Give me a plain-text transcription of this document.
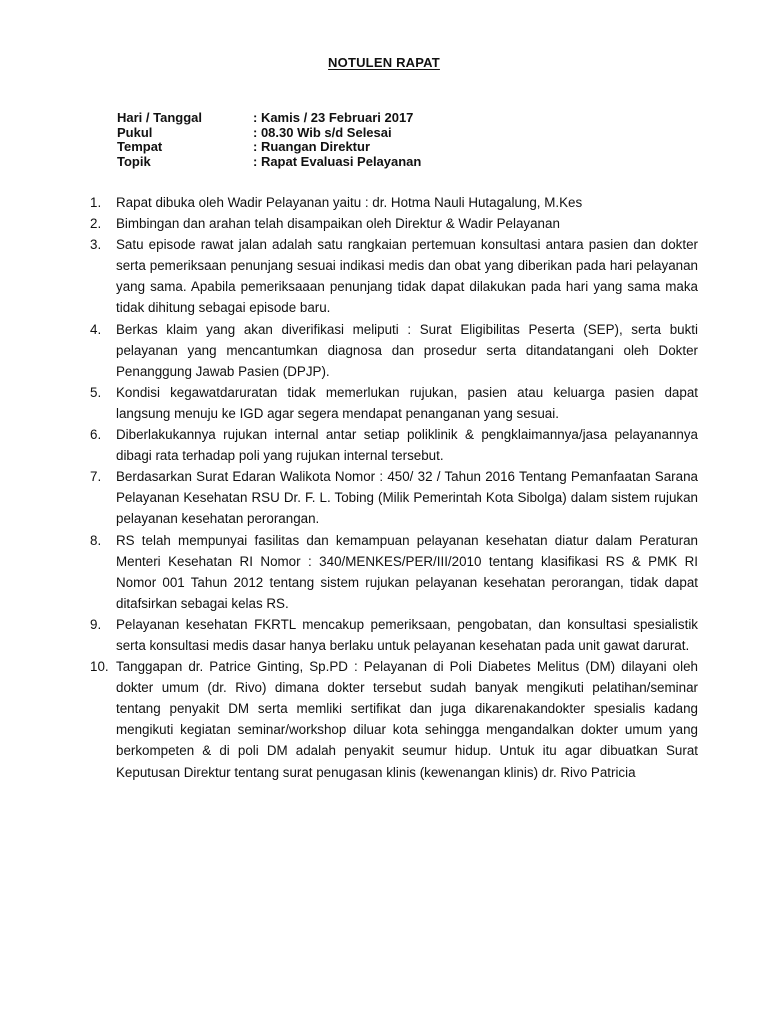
NOTULEN RAPAT
Hari / Tanggal	: Kamis / 23 Februari 2017
Pukul	: 08.30 Wib s/d Selesai
Tempat	: Ruangan Direktur
Topik	: Rapat Evaluasi Pelayanan
1.	Rapat dibuka oleh Wadir Pelayanan yaitu : dr. Hotma Nauli Hutagalung, M.Kes
2.	Bimbingan dan arahan telah disampaikan oleh Direktur & Wadir Pelayanan
3.	Satu episode rawat jalan adalah satu rangkaian pertemuan konsultasi antara pasien dan dokter serta pemeriksaan penunjang sesuai indikasi medis dan obat yang diberikan pada hari pelayanan yang sama. Apabila pemeriksaaan penunjang tidak dapat dilakukan pada hari yang sama maka tidak dihitung sebagai episode baru.
4.	Berkas klaim yang akan diverifikasi meliputi : Surat Eligibilitas Peserta (SEP), serta bukti pelayanan yang mencantumkan diagnosa dan prosedur serta ditandatangani oleh Dokter Penanggung Jawab Pasien (DPJP).
5.	Kondisi kegawatdaruratan tidak memerlukan rujukan, pasien atau keluarga pasien dapat langsung menuju ke IGD agar segera mendapat penanganan yang sesuai.
6.	Diberlakukannya rujukan internal antar setiap poliklinik & pengklaimannya/jasa pelayanannya dibagi rata terhadap poli yang rujukan internal tersebut.
7.	Berdasarkan Surat Edaran Walikota Nomor : 450/ 32 / Tahun 2016 Tentang Pemanfaatan Sarana Pelayanan Kesehatan RSU Dr. F. L. Tobing (Milik Pemerintah Kota Sibolga) dalam sistem rujukan pelayanan kesehatan perorangan.
8.	RS telah mempunyai fasilitas dan kemampuan pelayanan kesehatan diatur dalam Peraturan Menteri Kesehatan RI Nomor : 340/MENKES/PER/III/2010 tentang klasifikasi RS & PMK RI Nomor 001 Tahun 2012 tentang sistem rujukan pelayanan kesehatan perorangan, tidak dapat ditafsirkan sebagai kelas RS.
9.	Pelayanan kesehatan FKRTL mencakup pemeriksaan, pengobatan, dan konsultasi spesialistik serta konsultasi medis dasar hanya berlaku untuk pelayanan kesehatan pada unit gawat darurat.
10. Tanggapan dr. Patrice Ginting, Sp.PD : Pelayanan di Poli Diabetes Melitus (DM) dilayani oleh dokter umum (dr. Rivo) dimana dokter tersebut sudah banyak mengikuti pelatihan/seminar tentang penyakit DM serta memliki sertifikat dan juga dikarenakandokter spesialis kadang mengikuti kegiatan seminar/workshop diluar kota sehingga mengandalkan dokter umum yang berkompeten & di poli DM adalah penyakit seumur hidup. Untuk itu agar dibuatkan Surat Keputusan Direktur tentang surat penugasan klinis (kewenangan klinis) dr. Rivo Patricia
